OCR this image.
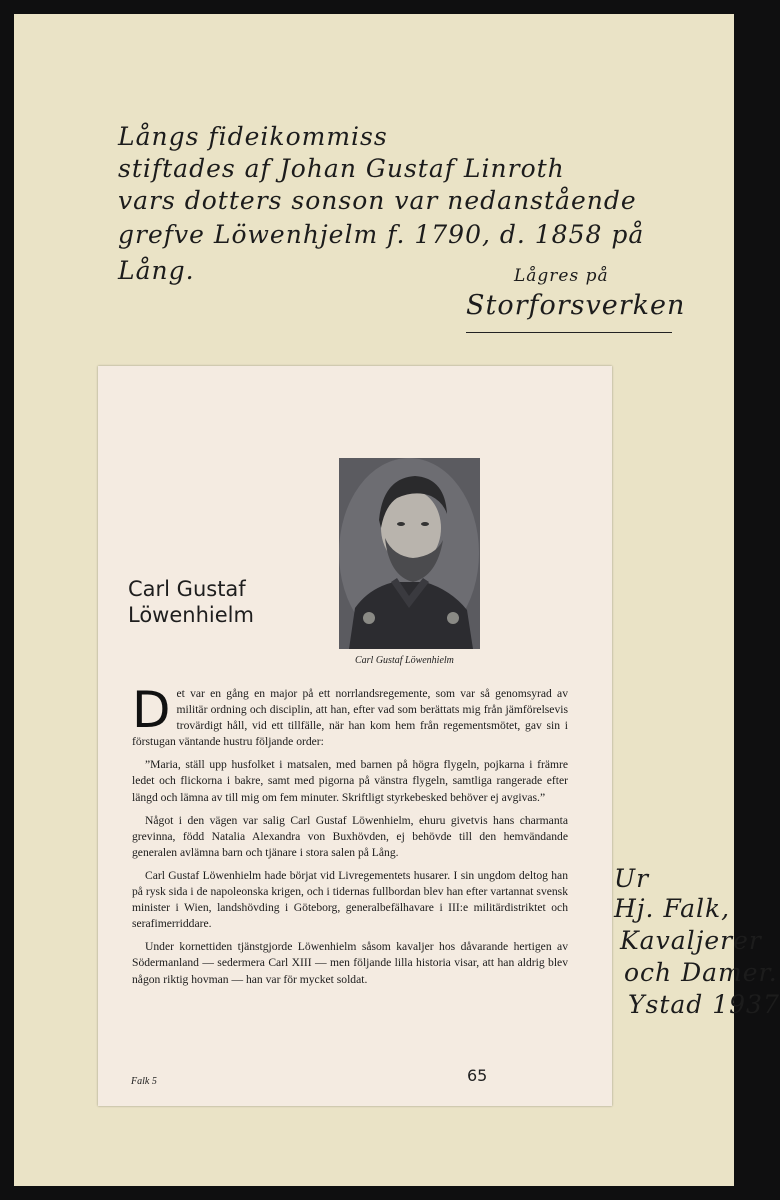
Långs fideikommiss
stiftades af Johan Gustaf Linroth
vars dotters sonson var nedanstående
grefve Löwenhjelm f. 1790, d. 1858 på
Lång.	Lågres på
Storforsverken
Ur
Hj. Falk,
Kavaljerer
och Damer.
Ystad 1937
Carl Gustaf Löwenhielm
Carl Gustaf
Löwenhielm

Det var en gång en major på ett norrlandsregemente, som var så genomsyrad av militär ordning och disciplin, att han, efter vad som berättats mig från jämförelsevis trovärdigt håll, vid ett tillfälle, när han kom hem från regementsmötet, gav sin i förstugan väntande hustru följande order:

”Maria, ställ upp husfolket i matsalen, med barnen på högra flygeln, pojkarna i främre ledet och flickorna i bakre, samt med pigorna på vänstra flygeln, samtliga rangerade efter längd och lämna av till mig om fem minuter. Skriftligt styrkebesked behöver ej avgivas.”

Något i den vägen var salig Carl Gustaf Löwenhielm, ehuru givetvis hans charmanta grevinna, född Natalia Alexandra von Buxhövden, ej behövde till den hemvändande generalen avlämna barn och tjänare i stora salen på Lång.

Carl Gustaf Löwenhielm hade börjat vid Livregementets husarer. I sin ungdom deltog han på rysk sida i de napoleonska krigen, och i tidernas fullbordan blev han efter vartannat svensk minister i Wien, landshövding i Göteborg, generalbefälhavare i III:e militärdistriktet och serafimerriddare.

Under kornettiden tjänstgjorde Löwenhielm såsom kavaljer hos dåvarande hertigen av Södermanland — sedermera Carl XIII — men följande lilla historia visar, att han aldrig blev någon riktig hovman — han var för mycket soldat.

65
Falk 5
